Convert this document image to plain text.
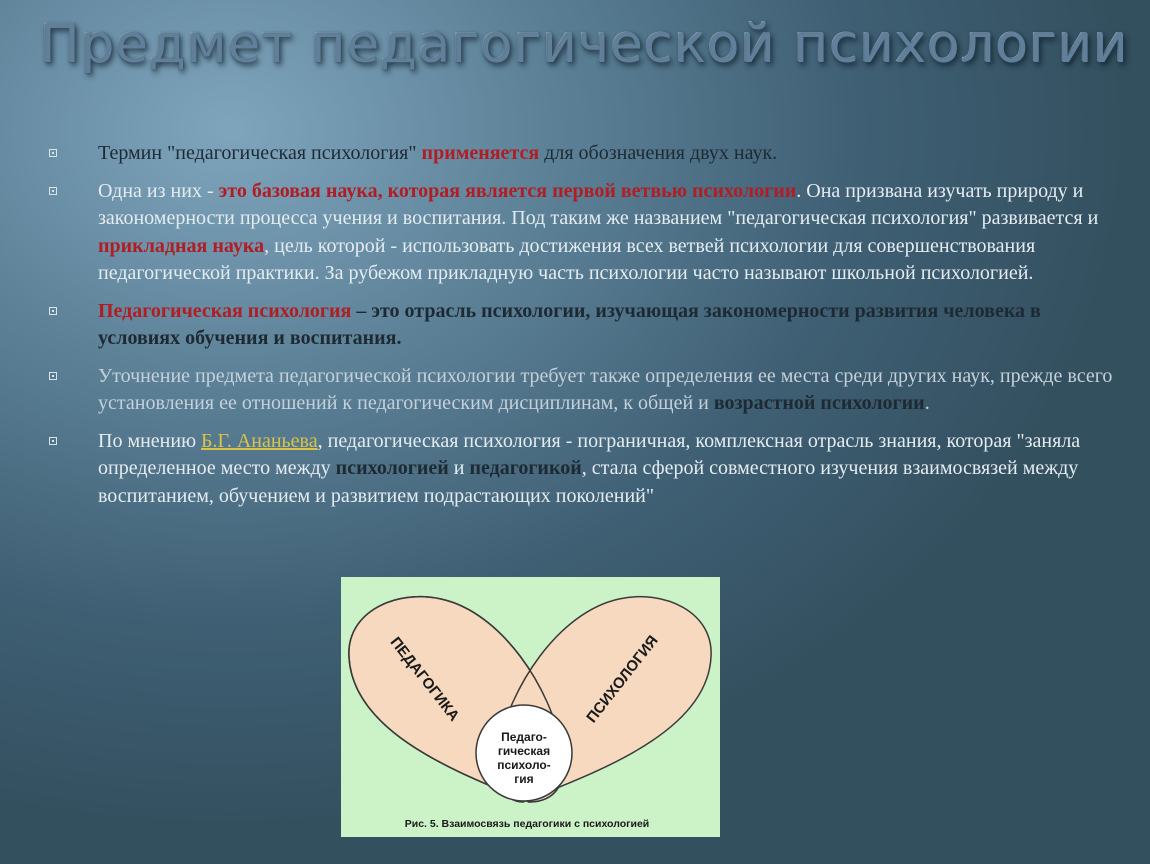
Предмет педагогической психологии
Термин "педагогическая психология" применяется для обозначения двух наук.
Одна из них - это базовая наука, которая является первой ветвью психологии. Она призвана изучать природу и закономерности процесса учения и воспитания. Под таким же названием "педагогическая психология" развивается и прикладная наука, цель которой - использовать достижения всех ветвей психологии для совершенствования педагогической практики. За рубежом прикладную часть психологии часто называют школьной психологией.
Педагогическая психология – это отрасль психологии, изучающая закономерности развития человека в условиях обучения и воспитания.
Уточнение предмета педагогической психологии требует также определения ее места среди других наук, прежде всего установления ее отношений к педагогическим дисциплинам, к общей и возрастной психологии.
По мнению Б.Г. Ананьева, педагогическая психология - пограничная, комплексная отрасль знания, которая "заняла определенное место между психологией и педагогикой, стала сферой совместного изучения взаимосвязей между воспитанием, обучением и развитием подрастающих поколений"
ПЕДАГОГИКА	ПСИХОЛОГИЯ
Педаго-
гическая
психоло-
гия
Рис. 5. Взаимосвязь педагогики с психологией
